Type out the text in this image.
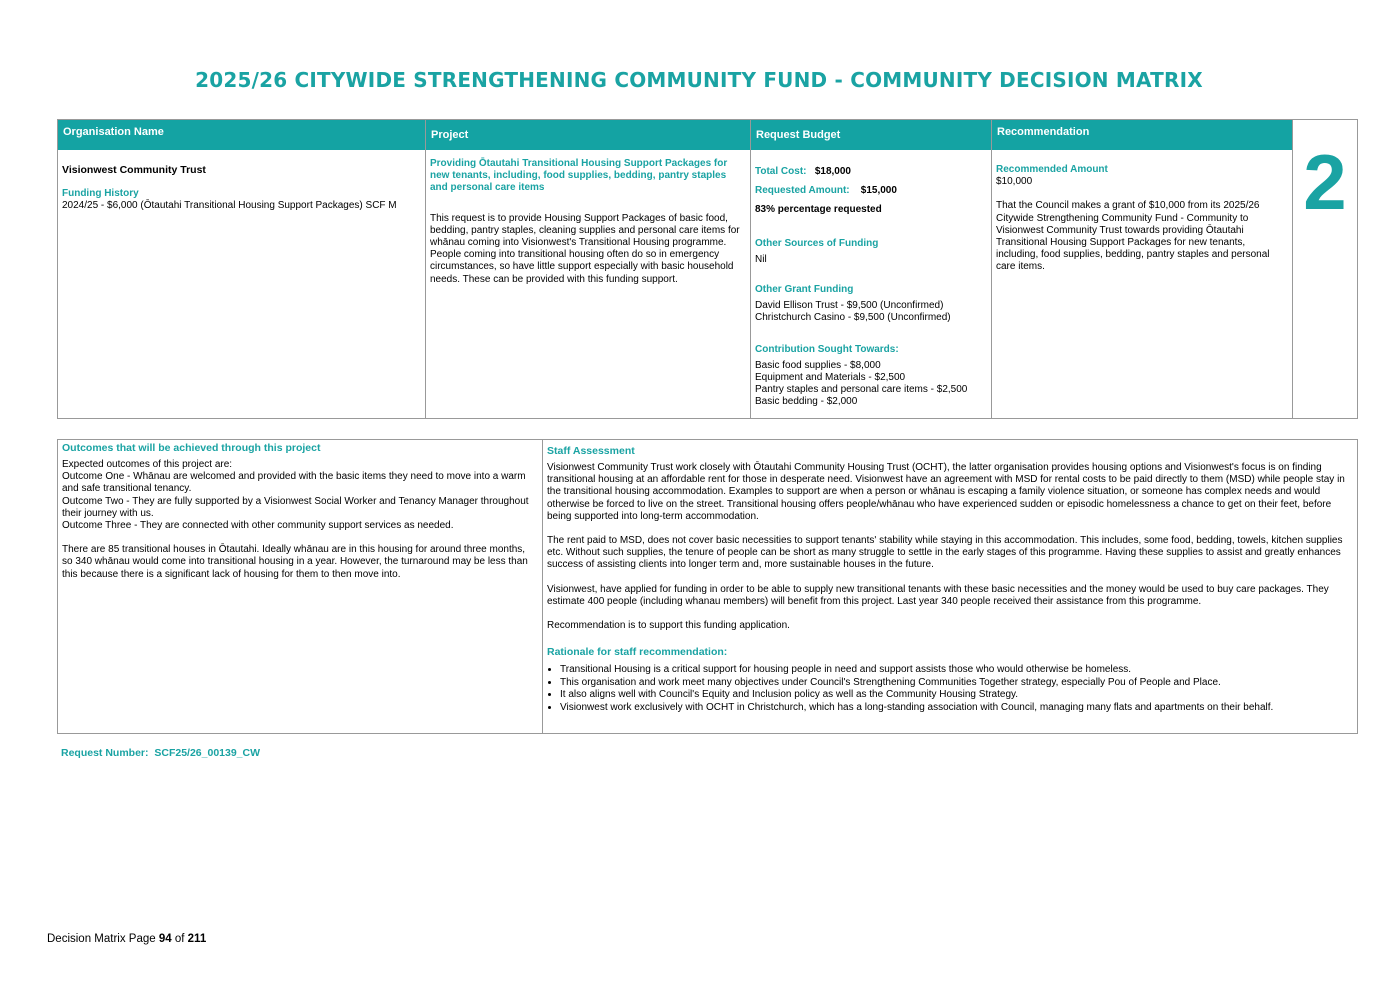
2025/26 CITYWIDE STRENGTHENING COMMUNITY FUND - COMMUNITY DECISION MATRIX
Organisation Name
Visionwest Community Trust
Funding History
2024/25 - $6,000 (Ōtautahi Transitional Housing Support Packages) SCF M
Project
Providing Ōtautahi Transitional Housing Support Packages for new tenants, including, food supplies, bedding, pantry staples and personal care items
This request is to provide Housing Support Packages of basic food, bedding, pantry staples, cleaning supplies and personal care items for whānau coming into Visionwest's Transitional Housing programme.
People coming into transitional housing often do so in emergency circumstances, so have little support especially with basic household needs. These can be provided with this funding support.
Request Budget
Total Cost: $18,000
Requested Amount: $15,000
83% percentage requested
Other Sources of Funding
Nil
Other Grant Funding
David Ellison Trust - $9,500 (Unconfirmed)
Christchurch Casino - $9,500 (Unconfirmed)
Contribution Sought Towards:
Basic food supplies - $8,000
Equipment and Materials - $2,500
Pantry staples and personal care items - $2,500
Basic bedding - $2,000
Recommendation
Recommended Amount
$10,000
That the Council makes a grant of $10,000 from its 2025/26 Citywide Strengthening Community Fund - Community to Visionwest Community Trust towards providing Ōtautahi Transitional Housing Support Packages for new tenants, including, food supplies, bedding, pantry staples and personal care items.
2
Outcomes that will be achieved through this project
Expected outcomes of this project are:
Outcome One - Whānau are welcomed and provided with the basic items they need to move into a warm and safe transitional tenancy.
Outcome Two - They are fully supported by a Visionwest Social Worker and Tenancy Manager throughout their journey with us.
Outcome Three - They are connected with other community support services as needed.
There are 85 transitional houses in Ōtautahi. Ideally whānau are in this housing for around three months, so 340 whānau would come into transitional housing in a year. However, the turnaround may be less than this because there is a significant lack of housing for them to then move into.
Staff Assessment
Visionwest Community Trust work closely with Ōtautahi Community Housing Trust (OCHT), the latter organisation provides housing options and Visionwest's focus is on finding transitional housing at an affordable rent for those in desperate need. Visionwest have an agreement with MSD for rental costs to be paid directly to them (MSD) while people stay in the transitional housing accommodation. Examples to support are when a person or whānau is escaping a family violence situation, or someone has complex needs and would otherwise be forced to live on the street. Transitional housing offers people/whānau who have experienced sudden or episodic homelessness a chance to get on their feet, before being supported into long-term accommodation.
The rent paid to MSD, does not cover basic necessities to support tenants' stability while staying in this accommodation. This includes, some food, bedding, towels, kitchen supplies etc. Without such supplies, the tenure of people can be short as many struggle to settle in the early stages of this programme. Having these supplies to assist and greatly enhances success of assisting clients into longer term and, more sustainable houses in the future.
Visionwest, have applied for funding in order to be able to supply new transitional tenants with these basic necessities and the money would be used to buy care packages. They estimate 400 people (including whanau members) will benefit from this project. Last year 340 people received their assistance from this programme.
Recommendation is to support this funding application.
Rationale for staff recommendation:
• Transitional Housing is a critical support for housing people in need and support assists those who would otherwise be homeless.
• This organisation and work meet many objectives under Council's Strengthening Communities Together strategy, especially Pou of People and Place.
• It also aligns well with Council's Equity and Inclusion policy as well as the Community Housing Strategy.
• Visionwest work exclusively with OCHT in Christchurch, which has a long-standing association with Council, managing many flats and apartments on their behalf.
Request Number: SCF25/26_00139_CW
Decision Matrix Page 94 of 211
